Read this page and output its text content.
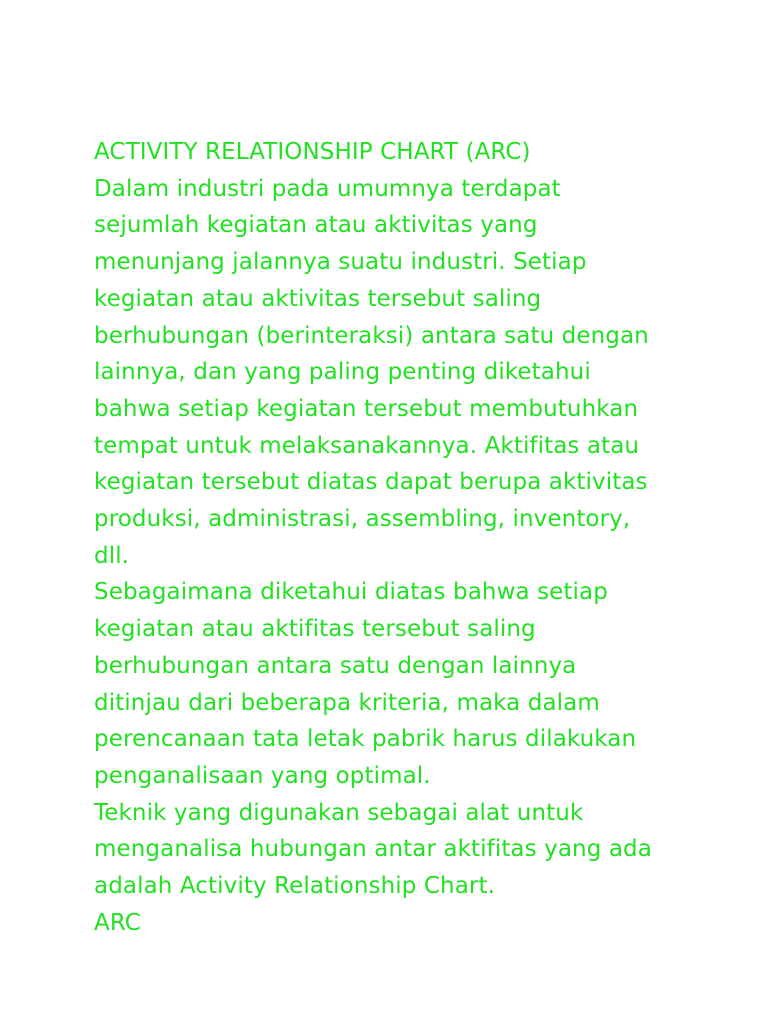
ACTIVITY RELATIONSHIP CHART (ARC)
Dalam industri pada umumnya terdapat
sejumlah kegiatan atau aktivitas yang
menunjang jalannya suatu industri. Setiap
kegiatan atau aktivitas tersebut saling
berhubungan (berinteraksi) antara satu dengan
lainnya, dan yang paling penting diketahui
bahwa setiap kegiatan tersebut membutuhkan
tempat untuk melaksanakannya. Aktifitas atau
kegiatan tersebut diatas dapat berupa aktivitas
produksi, administrasi, assembling, inventory,
dll.
Sebagaimana diketahui diatas bahwa setiap
kegiatan atau aktifitas tersebut saling
berhubungan antara satu dengan lainnya
ditinjau dari beberapa kriteria, maka dalam
perencanaan tata letak pabrik harus dilakukan
penganalisaan yang optimal.
Teknik yang digunakan sebagai alat untuk
menganalisa hubungan antar aktifitas yang ada
adalah Activity Relationship Chart.
ARC
